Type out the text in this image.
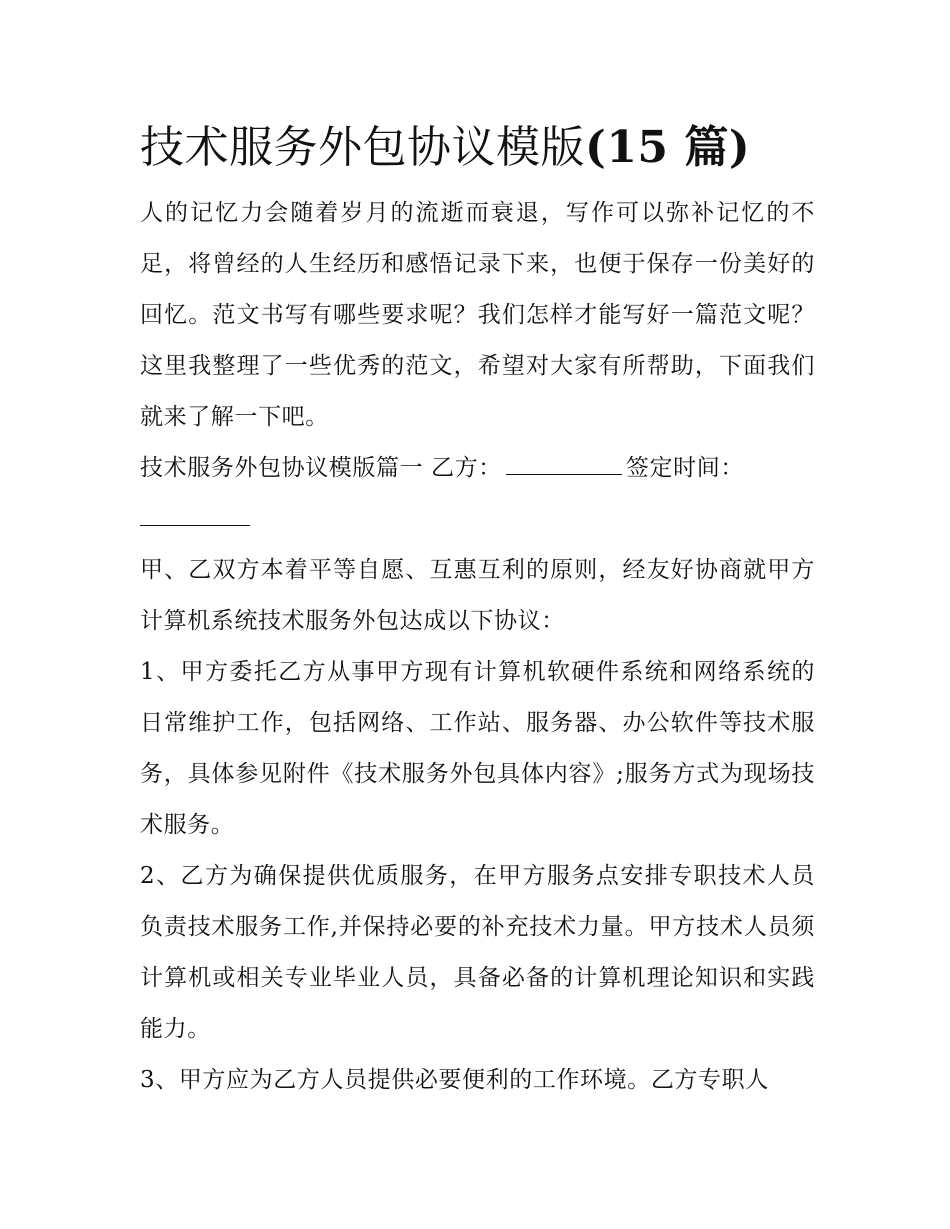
技术服务外包协议模版(15 篇)

人的记忆力会随着岁月的流逝而衰退，写作可以弥补记忆的不足，将曾经的人生经历和感悟记录下来，也便于保存一份美好的回忆。范文书写有哪些要求呢？我们怎样才能写好一篇范文呢？这里我整理了一些优秀的范文，希望对大家有所帮助，下面我们就来了解一下吧。

技术服务外包协议模版篇一 乙方：	签定时间：

甲、乙双方本着平等自愿、互惠互利的原则，经友好协商就甲方计算机系统技术服务外包达成以下协议：

1、甲方委托乙方从事甲方现有计算机软硬件系统和网络系统的日常维护工作，包括网络、工作站、服务器、办公软件等技术服务，具体参见附件《技术服务外包具体内容》;服务方式为现场技术服务。

2、乙方为确保提供优质服务，在甲方服务点安排专职技术人员负责技术服务工作,并保持必要的补充技术力量。甲方技术人员须计算机或相关专业毕业人员，具备必备的计算机理论知识和实践能力。

3、甲方应为乙方人员提供必要便利的工作环境。乙方专职人
